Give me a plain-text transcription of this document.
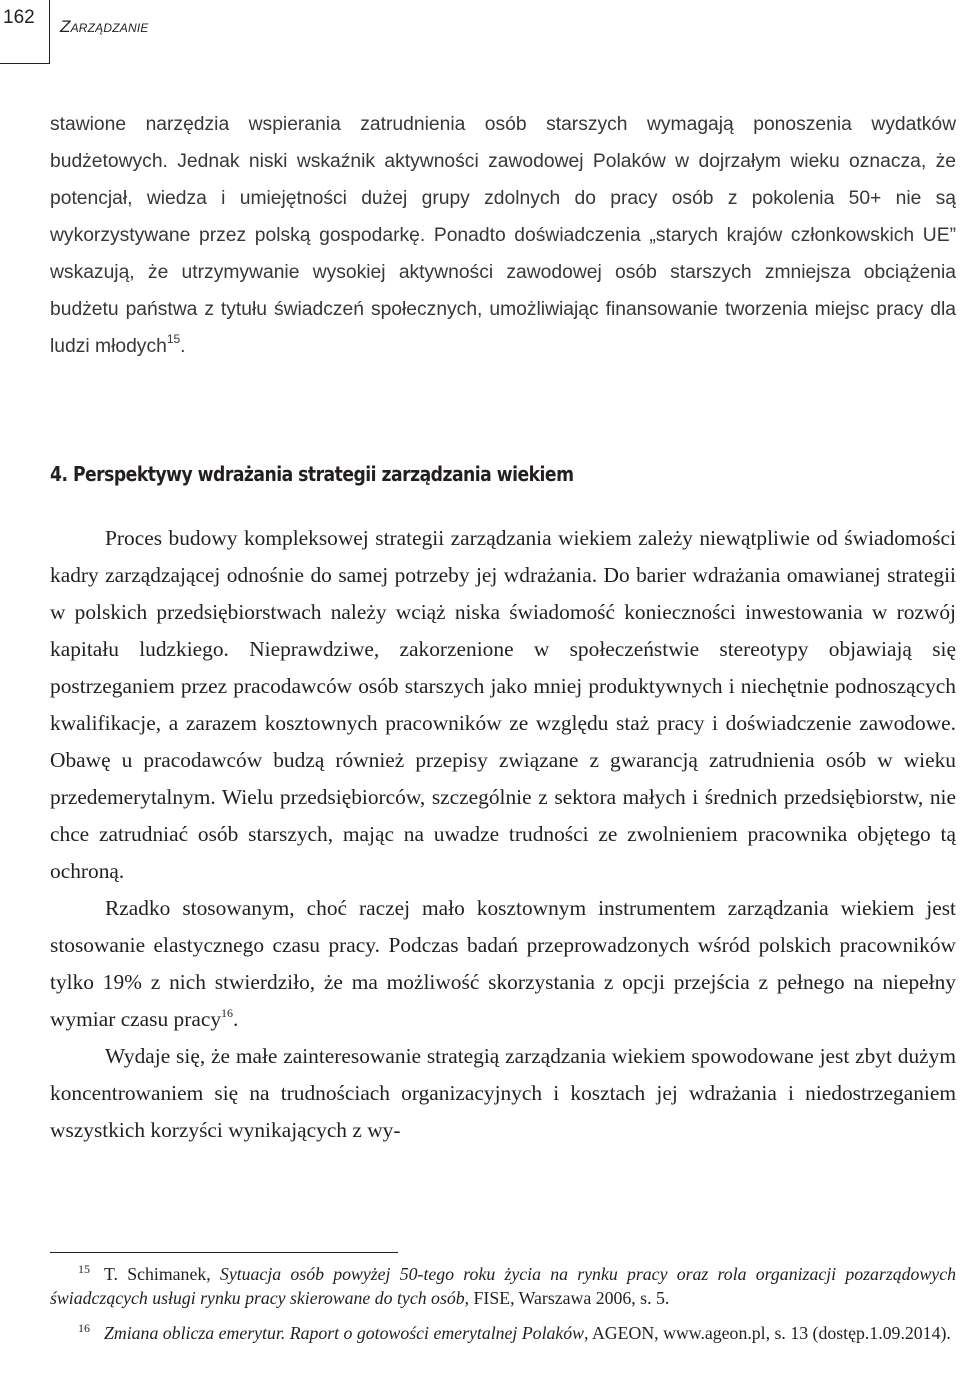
162 Zarządzanie

stawione narzędzia wspierania zatrudnienia osób starszych wymagają ponoszenia wydatków budżetowych. Jednak niski wskaźnik aktywności zawodowej Polaków w dojrzałym wieku oznacza, że potencjał, wiedza i umiejętności dużej grupy zdolnych do pracy osób z pokolenia 50+ nie są wykorzystywane przez polską gospodarkę. Ponadto doświadczenia „starych krajów członkowskich UE” wskazują, że utrzymywanie wysokiej aktywności zawodowej osób starszych zmniejsza obciążenia budżetu państwa z tytułu świadczeń społecznych, umożliwiając finansowanie tworzenia miejsc pracy dla ludzi młodych$^{15}$.

4. Perspektywy wdrażania strategii zarządzania wiekiem

Proces budowy kompleksowej strategii zarządzania wiekiem zależy niewątpliwie od świadomości kadry zarządzającej odnośnie do samej potrzeby jej wdrażania. Do barier wdrażania omawianej strategii w polskich przedsiębiorstwach należy wciąż niska świadomość konieczności inwestowania w rozwój kapitału ludzkiego. Nieprawdziwe, zakorzenione w społeczeństwie stereotypy objawiają się postrzeganiem przez pracodawców osób starszych jako mniej produktywnych i niechętnie podnoszących kwalifikacje, a zarazem kosztownych pracowników ze względu staż pracy i doświadczenie zawodowe. Obawę u pracodawców budzą również przepisy związane z gwarancją zatrudnienia osób w wieku przedemerytalnym. Wielu przedsiębiorców, szczególnie z sektora małych i średnich przedsiębiorstw, nie chce zatrudniać osób starszych, mając na uwadze trudności ze zwolnieniem pracownika objętego tą ochroną.

Rzadko stosowanym, choć raczej mało kosztownym instrumentem zarządzania wiekiem jest stosowanie elastycznego czasu pracy. Podczas badań przeprowadzonych wśród polskich pracowników tylko 19% z nich stwierdziło, że ma możliwość skorzystania z opcji przejścia z pełnego na niepełny wymiar czasu pracy$^{16}$.

Wydaje się, że małe zainteresowanie strategią zarządzania wiekiem spowodowane jest zbyt dużym koncentrowaniem się na trudnościach organizacyjnych i kosztach jej wdrażania i niedostrzeganiem wszystkich korzyści wynikających z wy-

$^{15}$ T. Schimanek, Sytuacja osób powyżej 50-tego roku życia na rynku pracy oraz rola organizacji pozarządowych świadczących usługi rynku pracy skierowane do tych osób, FISE, Warszawa 2006, s. 5.

$^{16}$ Zmiana oblicza emerytur. Raport o gotowości emerytalnej Polaków, AGEON, www.ageon.pl, s. 13 (dostęp.1.09.2014).
